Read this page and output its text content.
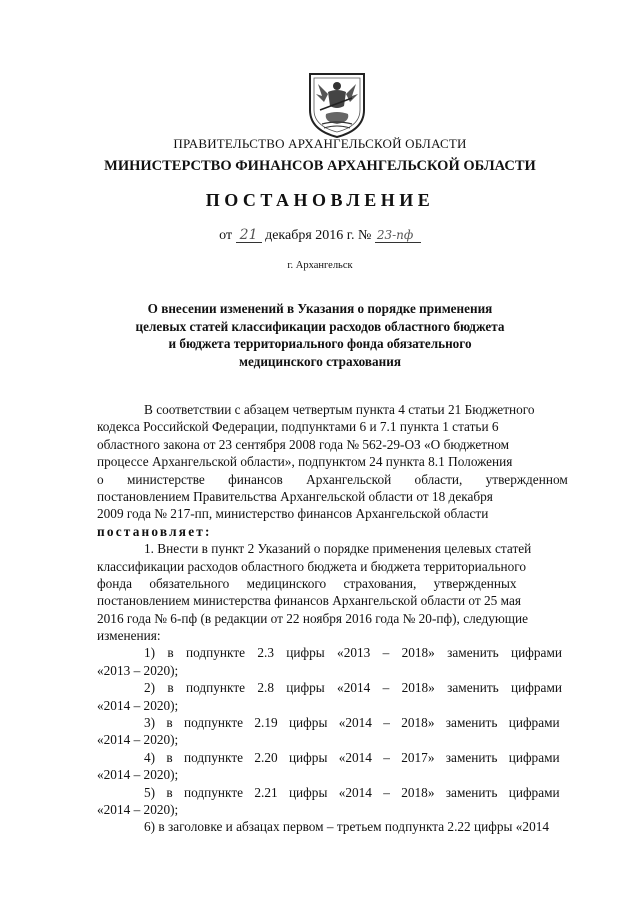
ПРАВИТЕЛЬСТВО АРХАНГЕЛЬСКОЙ ОБЛАСТИ
МИНИСТЕРСТВО ФИНАНСОВ АРХАНГЕЛЬСКОЙ ОБЛАСТИ
ПОСТАНОВЛЕНИЕ
от 21 декабря 2016 г. № 23-пф
г. Архангельск
О внесении изменений в Указания о порядке применения
целевых статей классификации расходов областного бюджета
и бюджета территориального фонда обязательного
медицинского страхования
В соответствии с абзацем четвертым пункта 4 статьи 21 Бюджетного
кодекса Российской Федерации, подпунктами 6 и 7.1 пункта 1 статьи 6
областного закона от 23 сентября 2008 года № 562-29-ОЗ «О бюджетном
процессе Архангельской области», подпунктом 24 пункта 8.1 Положения
о министерстве финансов Архангельской области, утвержденном
постановлением Правительства Архангельской области от 18 декабря
2009 года № 217-пп, министерство финансов Архангельской области
постановляет:
1. Внести в пункт 2 Указаний о порядке применения целевых статей
классификации расходов областного бюджета и бюджета территориального
фонда обязательного медицинского страхования, утвержденных
постановлением министерства финансов Архангельской области от 25 мая
2016 года № 6-пф (в редакции от 22 ноября 2016 года № 20-пф), следующие
изменения:
1) в подпункте 2.3 цифры «2013 – 2018» заменить цифрами
«2013 – 2020);
2) в подпункте 2.8 цифры «2014 – 2018» заменить цифрами
«2014 – 2020);
3) в подпункте 2.19 цифры «2014 – 2018» заменить цифрами
«2014 – 2020);
4) в подпункте 2.20 цифры «2014 – 2017» заменить цифрами
«2014 – 2020);
5) в подпункте 2.21 цифры «2014 – 2018» заменить цифрами
«2014 – 2020);
6) в заголовке и абзацах первом – третьем подпункта 2.22 цифры «2014
